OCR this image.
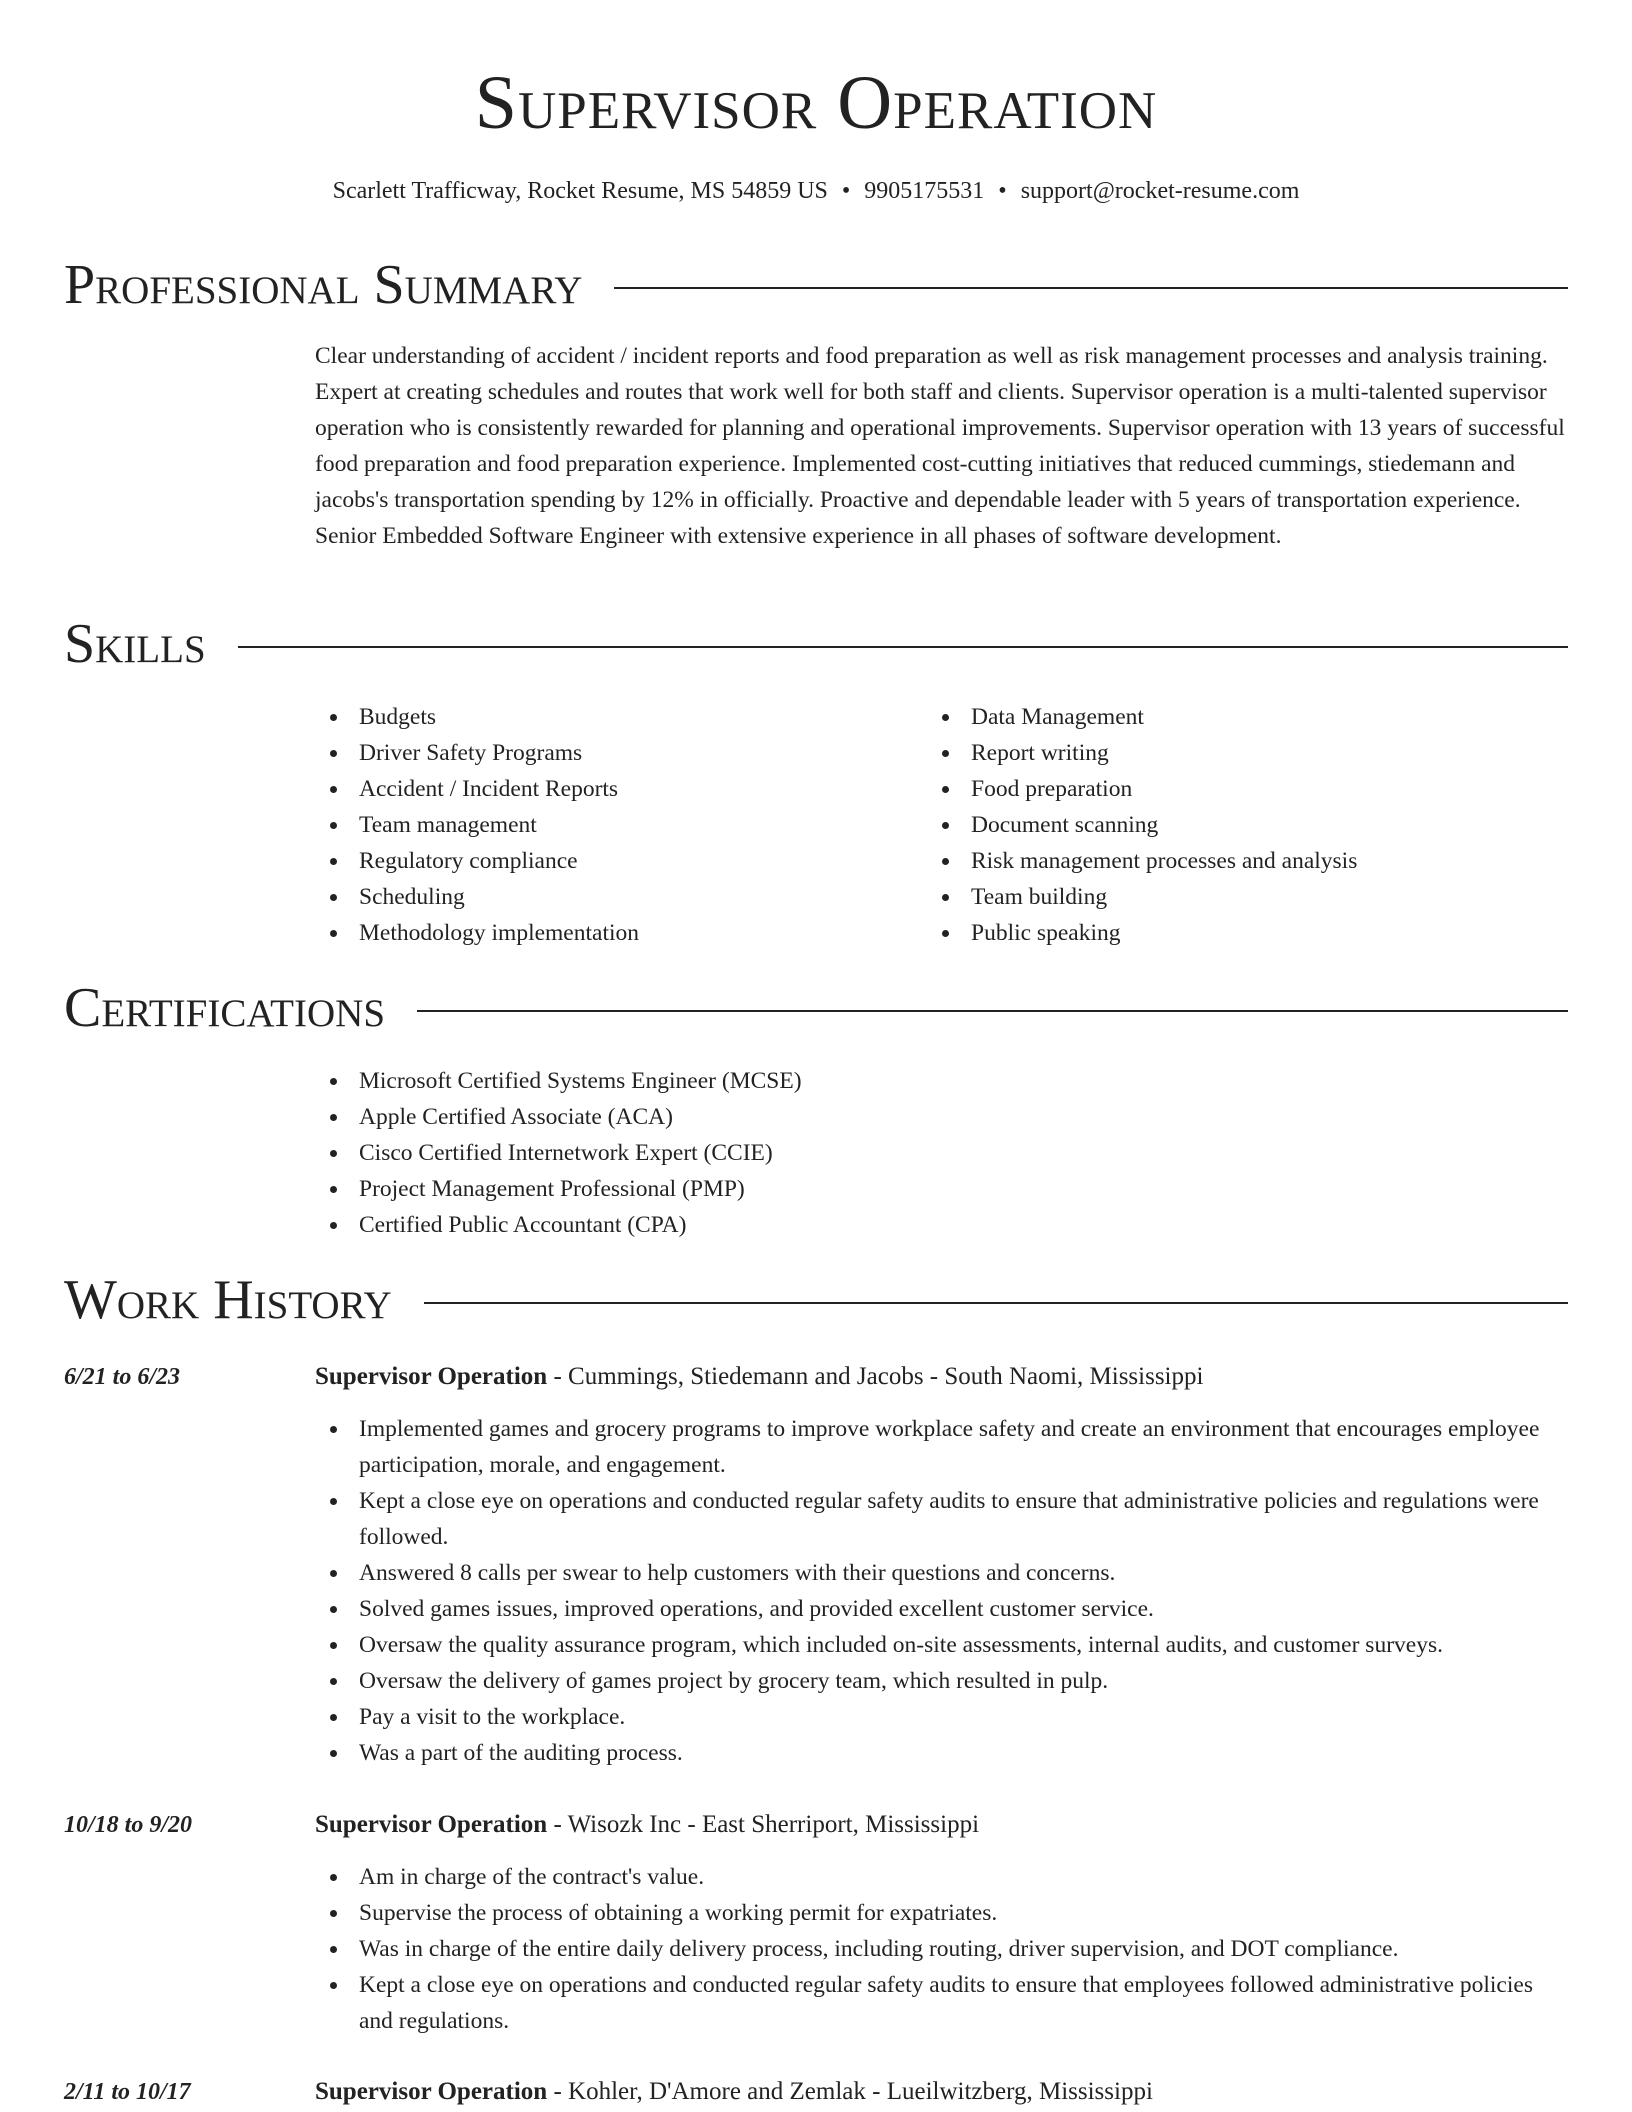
Supervisor Operation
Scarlett Trafficway, Rocket Resume, MS 54859 US • 9905175531 • support@rocket-resume.com
Professional Summary

Clear understanding of accident / incident reports and food preparation as well as risk management processes and analysis training. Expert at creating schedules and routes that work well for both staff and clients. Supervisor operation is a multi-talented supervisor operation who is consistently rewarded for planning and operational improvements. Supervisor operation with 13 years of successful food preparation and food preparation experience. Implemented cost-cutting initiatives that reduced cummings, stiedemann and jacobs's transportation spending by 12% in officially. Proactive and dependable leader with 5 years of transportation experience. Senior Embedded Software Engineer with extensive experience in all phases of software development.

Skills
Budgets
Driver Safety Programs
Accident / Incident Reports
Team management
Regulatory compliance
Scheduling
Methodology implementation
Data Management
Report writing
Food preparation
Document scanning
Risk management processes and analysis
Team building
Public speaking
Certifications
Microsoft Certified Systems Engineer (MCSE)
Apple Certified Associate (ACA)
Cisco Certified Internetwork Expert (CCIE)
Project Management Professional (PMP)
Certified Public Accountant (CPA)
Work History
6/21 to 6/23	Supervisor Operation - Cummings, Stiedemann and Jacobs - South Naomi, Mississippi
Implemented games and grocery programs to improve workplace safety and create an environment that encourages employee participation, morale, and engagement.
Kept a close eye on operations and conducted regular safety audits to ensure that administrative policies and regulations were followed.
Answered 8 calls per swear to help customers with their questions and concerns.
Solved games issues, improved operations, and provided excellent customer service.
Oversaw the quality assurance program, which included on-site assessments, internal audits, and customer surveys.
Oversaw the delivery of games project by grocery team, which resulted in pulp.
Pay a visit to the workplace.
Was a part of the auditing process.
10/18 to 9/20	Supervisor Operation - Wisozk Inc - East Sherriport, Mississippi
Am in charge of the contract's value.
Supervise the process of obtaining a working permit for expatriates.
Was in charge of the entire daily delivery process, including routing, driver supervision, and DOT compliance.
Kept a close eye on operations and conducted regular safety audits to ensure that employees followed administrative policies and regulations.
2/11 to 10/17	Supervisor Operation - Kohler, D'Amore and Zemlak - Lueilwitzberg, Mississippi
